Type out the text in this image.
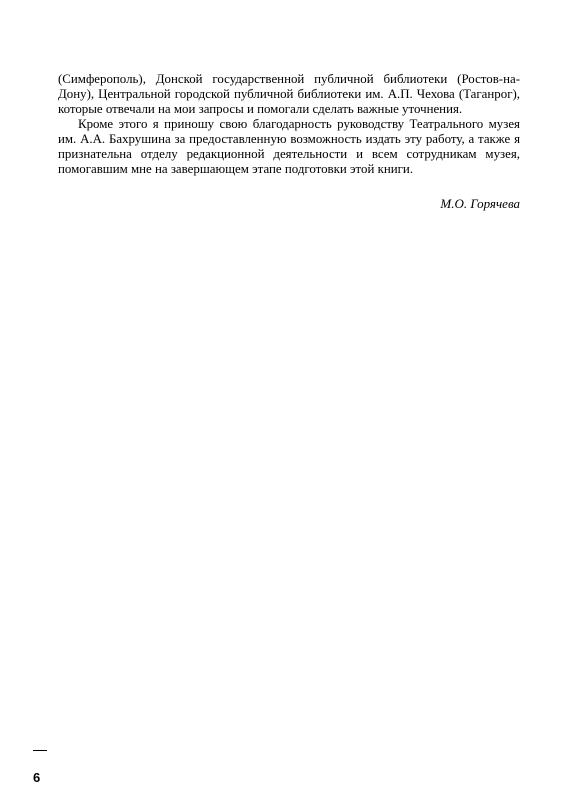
(Симферополь), Донской государственной публичной библиотеки (Ростов-на-Дону), Центральной городской публичной библиотеки им. А.П. Чехова (Таганрог), которые отвечали на мои запросы и помогали сделать важные уточнения.

Кроме этого я приношу свою благодарность руководству Театрального музея им. А.А. Бахрушина за предоставленную возможность издать эту работу, а также я признательна отделу редакционной деятельности и всем сотрудникам музея, помогавшим мне на завершающем этапе подготовки этой книги.

М.О. Горячева
6
